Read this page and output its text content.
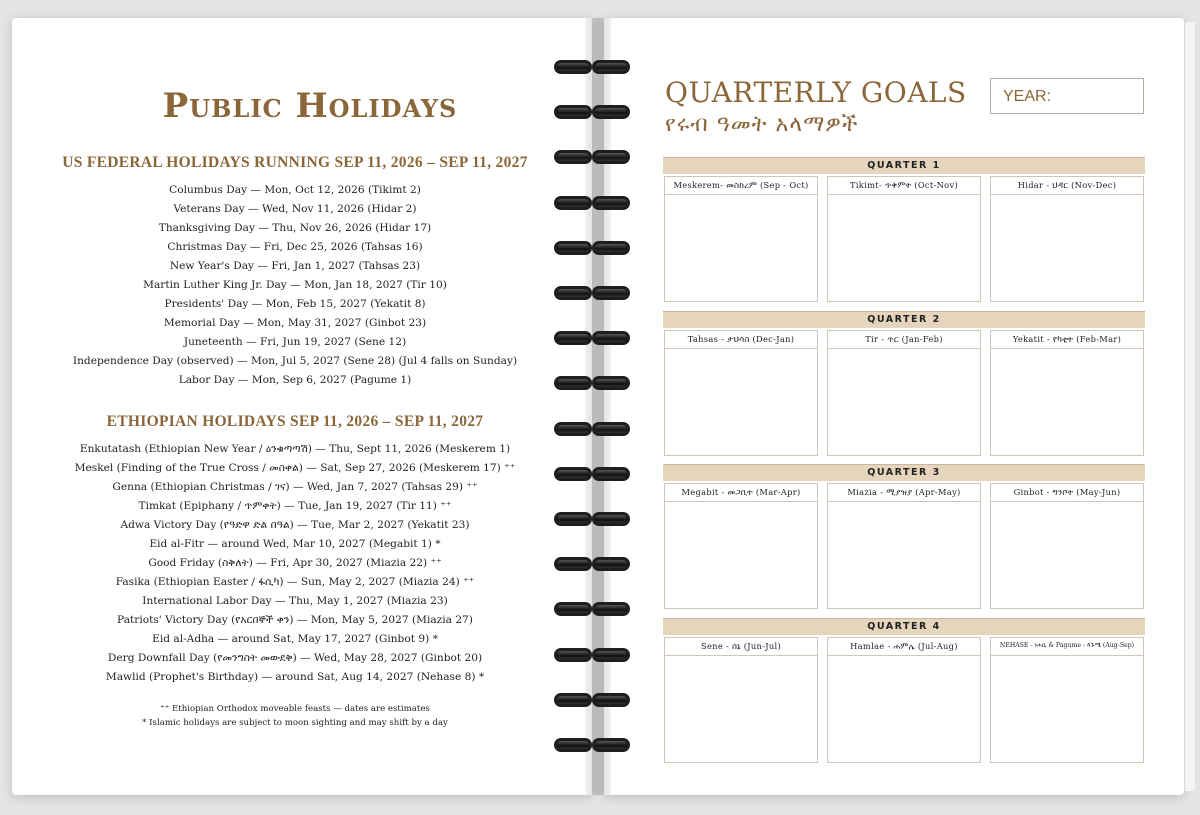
Public Holidays
US FEDERAL HOLIDAYS RUNNING SEP 11, 2026 – SEP 11, 2027
Columbus Day — Mon, Oct 12, 2026 (Tikimt 2)
Veterans Day — Wed, Nov 11, 2026 (Hidar 2)
Thanksgiving Day — Thu, Nov 26, 2026 (Hidar 17)
Christmas Day — Fri, Dec 25, 2026 (Tahsas 16)
New Year's Day — Fri, Jan 1, 2027 (Tahsas 23)
Martin Luther King Jr. Day — Mon, Jan 18, 2027 (Tir 10)
Presidents' Day — Mon, Feb 15, 2027 (Yekatit 8)
Memorial Day — Mon, May 31, 2027 (Ginbot 23)
Juneteenth — Fri, Jun 19, 2027 (Sene 12)
Independence Day (observed) — Mon, Jul 5, 2027 (Sene 28) (Jul 4 falls on Sunday)
Labor Day — Mon, Sep 6, 2027 (Pagume 1)
ETHIOPIAN HOLIDAYS SEP 11, 2026 – SEP 11, 2027
Enkutatash (Ethiopian New Year / ዕንቁጣጣሽ) — Thu, Sept 11, 2026 (Meskerem 1)
Meskel (Finding of the True Cross / መስቀል) — Sat, Sep 27, 2026 (Meskerem 17) ⁺⁺
Genna (Ethiopian Christmas / ገና) — Wed, Jan 7, 2027 (Tahsas 29) ⁺⁺
Timkat (Epiphany / ጥምቀት) — Tue, Jan 19, 2027 (Tir 11) ⁺⁺
Adwa Victory Day (የዓድዋ ድል በዓል) — Tue, Mar 2, 2027 (Yekatit 23)
Eid al-Fitr — around Wed, Mar 10, 2027 (Megabit 1) *
Good Friday (ስቅለት) — Fri, Apr 30, 2027 (Miazia 22) ⁺⁺
Fasika (Ethiopian Easter / ፋሲካ) — Sun, May 2, 2027 (Miazia 24) ⁺⁺
International Labor Day — Thu, May 1, 2027 (Miazia 23)
Patriots' Victory Day (የአርበኞች ቀን) — Mon, May 5, 2027 (Miazia 27)
Eid al-Adha — around Sat, May 17, 2027 (Ginbot 9) *
Derg Downfall Day (የመንግስት መውደቅ) — Wed, May 28, 2027 (Ginbot 20)
Mawlid (Prophet's Birthday) — around Sat, Aug 14, 2027 (Nehase 8) *
⁺⁺ Ethiopian Orthodox moveable feasts — dates are estimates
* Islamic holidays are subject to moon sighting and may shift by a day
QUARTERLY GOALS
የሩብ ዓመት አላማዎች
YEAR:
QUARTER 1
Meskerem- መስከረም (Sep - Oct)	Tikimt- ጥቅምት (Oct-Nov)	Hidar - ህዳር (Nov-Dec)
QUARTER 2
Tahsas - ታህሳስ (Dec-Jan)	Tir - ጥር (Jan-Feb)	Yekatit - የካቲት (Feb-Mar)
QUARTER 3
Megabit - መጋቢት (Mar-Apr)	Miazia - ሚያዝያ (Apr-May)	Ginbot - ግንቦት (May-Jun)
QUARTER 4
Sene - ሰኔ (Jun-Jul)	Hamlae - ሐምሌ (Jul-Aug)	NEHASE - ነሐሴ & Pagume - ጳጉሜ (Aug-Sep)
